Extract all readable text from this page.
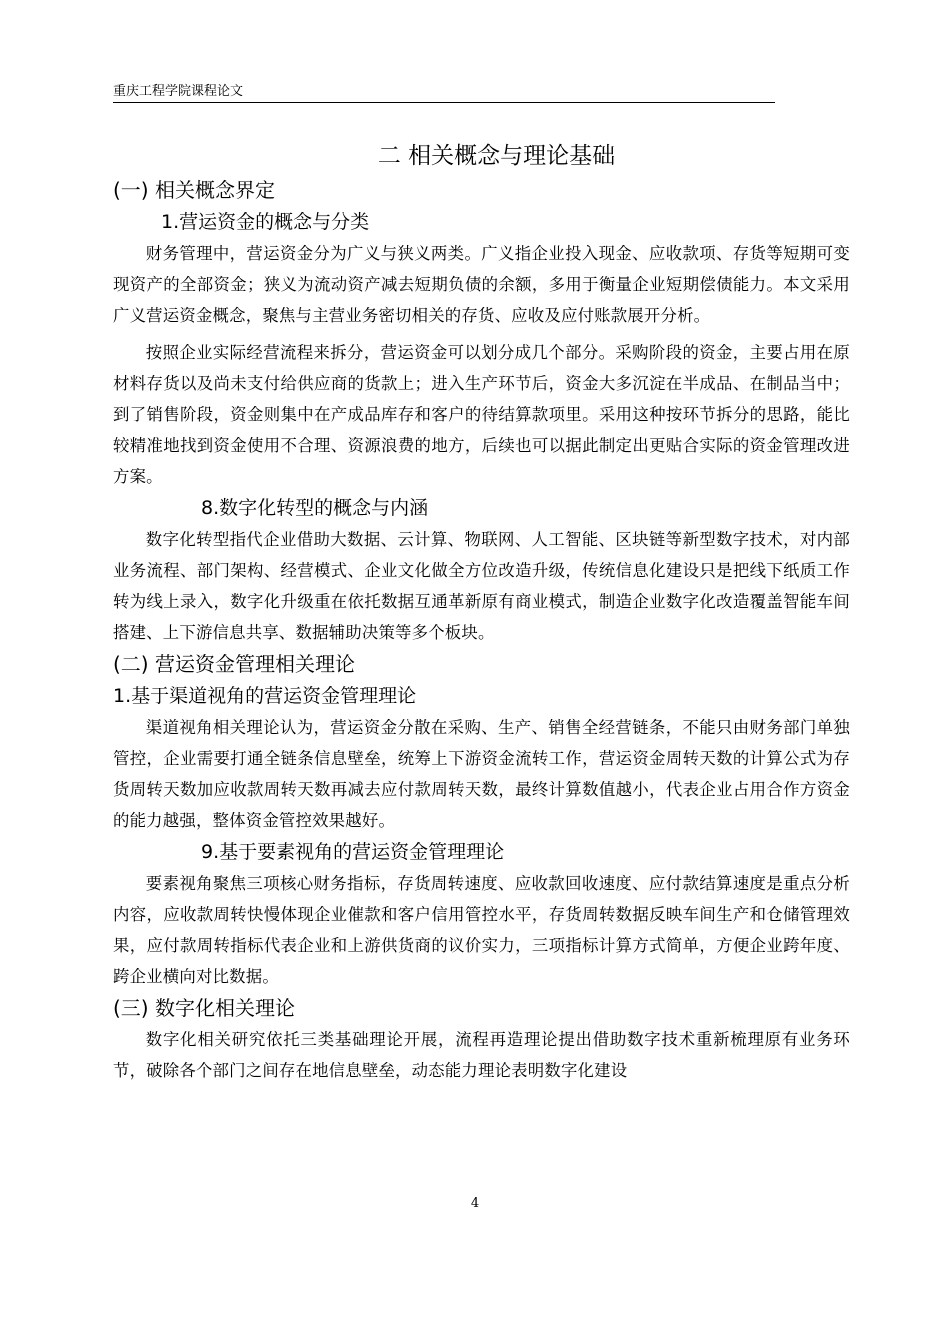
重庆工程学院课程论文
二 相关概念与理论基础
(一) 相关概念界定
1.营运资金的概念与分类

财务管理中，营运资金分为广义与狭义两类。广义指企业投入现金、应收款项、存货等短期可变现资产的全部资金；狭义为流动资产减去短期负债的余额，多用于衡量企业短期偿债能力。本文采用广义营运资金概念，聚焦与主营业务密切相关的存货、应收及应付账款展开分析。

按照企业实际经营流程来拆分，营运资金可以划分成几个部分。采购阶段的资金，主要占用在原材料存货以及尚未支付给供应商的货款上；进入生产环节后，资金大多沉淀在半成品、在制品当中；到了销售阶段，资金则集中在产成品库存和客户的待结算款项里。采用这种按环节拆分的思路，能比较精准地找到资金使用不合理、资源浪费的地方，后续也可以据此制定出更贴合实际的资金管理改进方案。

8.数字化转型的概念与内涵

数字化转型指代企业借助大数据、云计算、物联网、人工智能、区块链等新型数字技术，对内部业务流程、部门架构、经营模式、企业文化做全方位改造升级，传统信息化建设只是把线下纸质工作转为线上录入，数字化升级重在依托数据互通革新原有商业模式，制造企业数字化改造覆盖智能车间搭建、上下游信息共享、数据辅助决策等多个板块。

(二) 营运资金管理相关理论
1.基于渠道视角的营运资金管理理论

渠道视角相关理论认为，营运资金分散在采购、生产、销售全经营链条，不能只由财务部门单独管控，企业需要打通全链条信息壁垒，统筹上下游资金流转工作，营运资金周转天数的计算公式为存货周转天数加应收款周转天数再减去应付款周转天数，最终计算数值越小，代表企业占用合作方资金的能力越强，整体资金管控效果越好。

9.基于要素视角的营运资金管理理论

要素视角聚焦三项核心财务指标，存货周转速度、应收款回收速度、应付款结算速度是重点分析内容，应收款周转快慢体现企业催款和客户信用管控水平，存货周转数据反映车间生产和仓储管理效果，应付款周转指标代表企业和上游供货商的议价实力，三项指标计算方式简单，方便企业跨年度、跨企业横向对比数据。

(三) 数字化相关理论

数字化相关研究依托三类基础理论开展，流程再造理论提出借助数字技术重新梳理原有业务环节，破除各个部门之间存在地信息壁垒，动态能力理论表明数字化建设

4
